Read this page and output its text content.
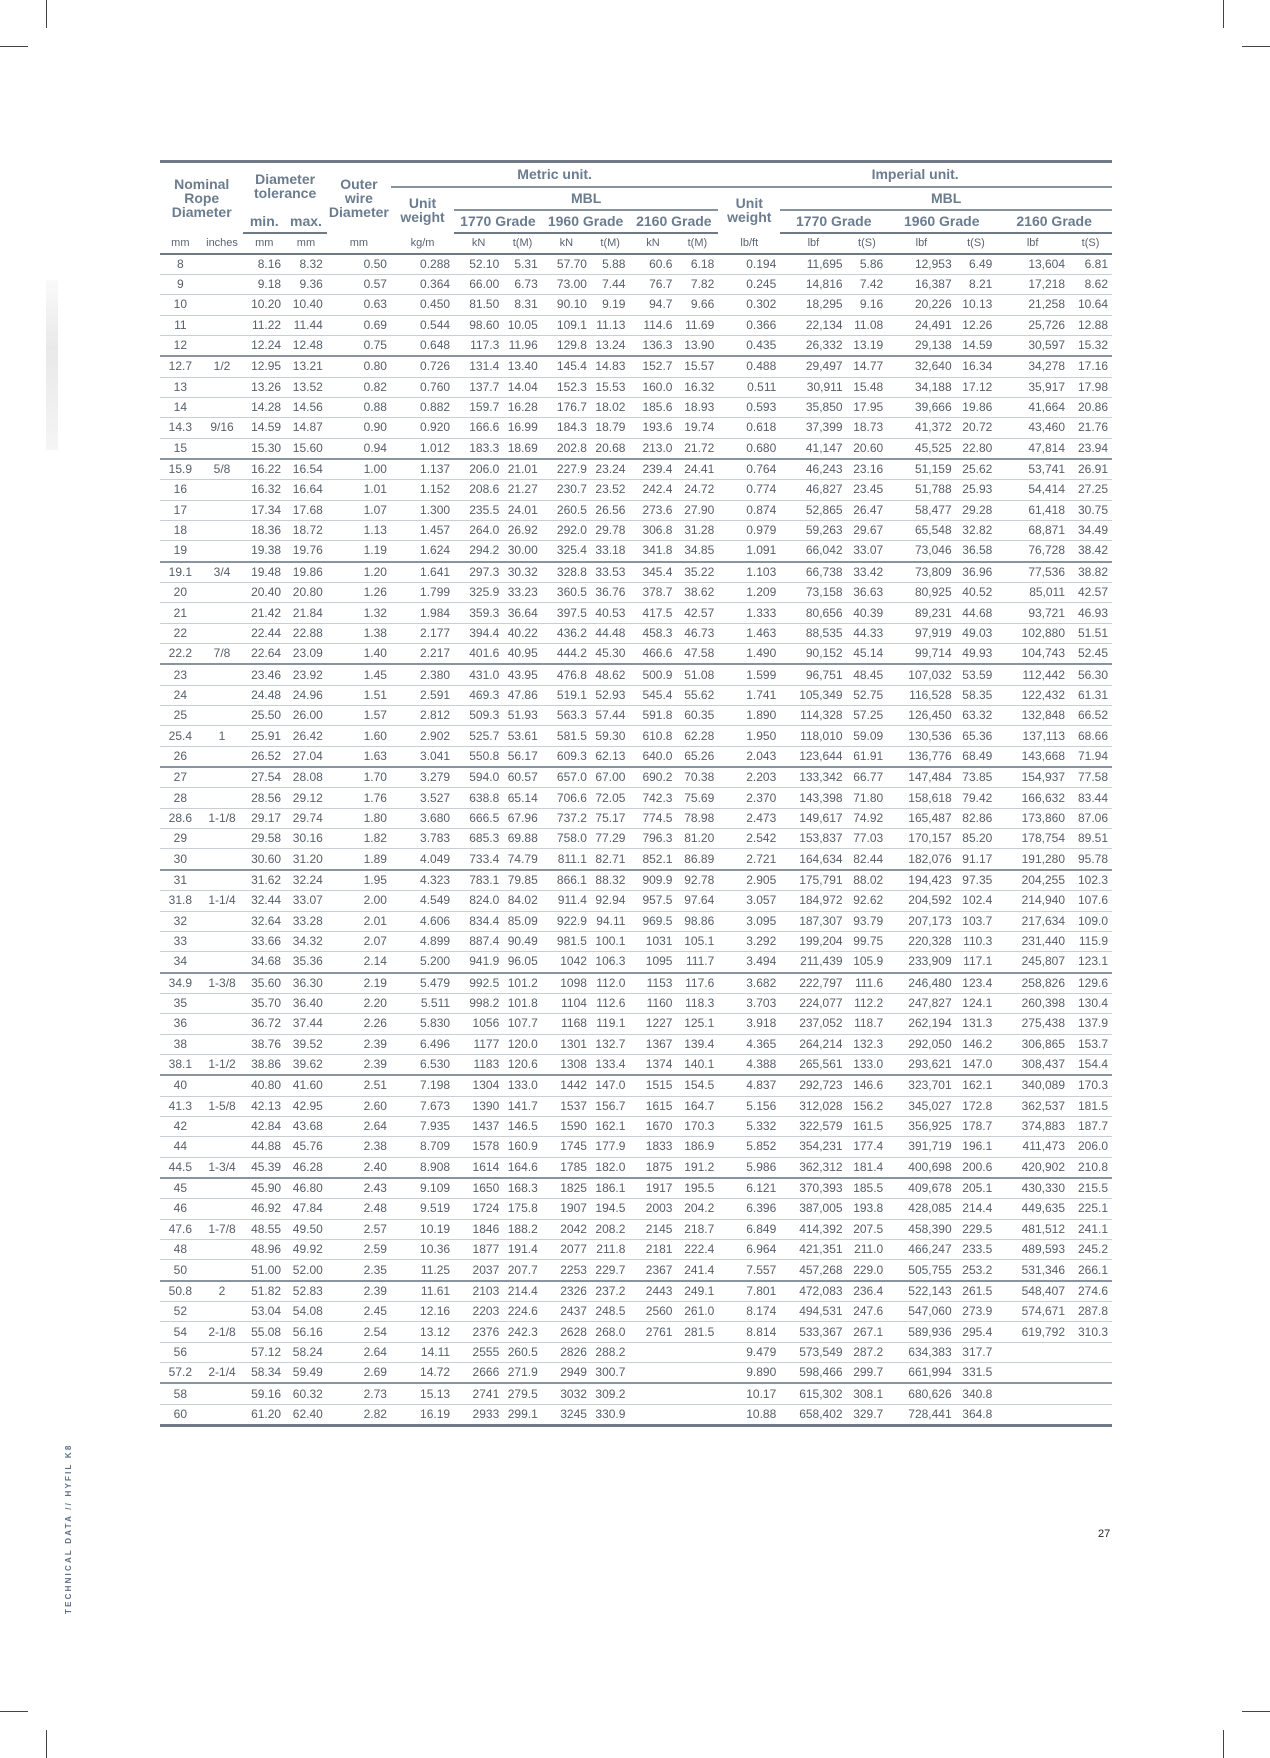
TECHNICAL DATA // HYFIL K8
Nominal Rope Diameter		Diameter tolerance		Outer wire Diameter	Metric unit.							Imperial unit.						
					Unit weight	MBL						Unit weight	MBL					
		min.	max.			1770 Grade		1960 Grade		2160 Grade			1770 Grade		1960 Grade		2160 Grade	
mm	inches	mm	mm	mm	kg/m	kN	t(M)	kN	t(M)	kN	t(M)	lb/ft	lbf	t(S)	lbf	t(S)	lbf	t(S)
8		8.16	8.32	0.50	0.288	52.10	5.31	57.70	5.88	60.6	6.18	0.194	11,695	5.86	12,953	6.49	13,604	6.81
9		9.18	9.36	0.57	0.364	66.00	6.73	73.00	7.44	76.7	7.82	0.245	14,816	7.42	16,387	8.21	17,218	8.62
10		10.20	10.40	0.63	0.450	81.50	8.31	90.10	9.19	94.7	9.66	0.302	18,295	9.16	20,226	10.13	21,258	10.64
11		11.22	11.44	0.69	0.544	98.60	10.05	109.1	11.13	114.6	11.69	0.366	22,134	11.08	24,491	12.26	25,726	12.88
12		12.24	12.48	0.75	0.648	117.3	11.96	129.8	13.24	136.3	13.90	0.435	26,332	13.19	29,138	14.59	30,597	15.32
12.7	1/2	12.95	13.21	0.80	0.726	131.4	13.40	145.4	14.83	152.7	15.57	0.488	29,497	14.77	32,640	16.34	34,278	17.16
13		13.26	13.52	0.82	0.760	137.7	14.04	152.3	15.53	160.0	16.32	0.511	30,911	15.48	34,188	17.12	35,917	17.98
14		14.28	14.56	0.88	0.882	159.7	16.28	176.7	18.02	185.6	18.93	0.593	35,850	17.95	39,666	19.86	41,664	20.86
14.3	9/16	14.59	14.87	0.90	0.920	166.6	16.99	184.3	18.79	193.6	19.74	0.618	37,399	18.73	41,372	20.72	43,460	21.76
15		15.30	15.60	0.94	1.012	183.3	18.69	202.8	20.68	213.0	21.72	0.680	41,147	20.60	45,525	22.80	47,814	23.94
15.9	5/8	16.22	16.54	1.00	1.137	206.0	21.01	227.9	23.24	239.4	24.41	0.764	46,243	23.16	51,159	25.62	53,741	26.91
16		16.32	16.64	1.01	1.152	208.6	21.27	230.7	23.52	242.4	24.72	0.774	46,827	23.45	51,788	25.93	54,414	27.25
17		17.34	17.68	1.07	1.300	235.5	24.01	260.5	26.56	273.6	27.90	0.874	52,865	26.47	58,477	29.28	61,418	30.75
18		18.36	18.72	1.13	1.457	264.0	26.92	292.0	29.78	306.8	31.28	0.979	59,263	29.67	65,548	32.82	68,871	34.49
19		19.38	19.76	1.19	1.624	294.2	30.00	325.4	33.18	341.8	34.85	1.091	66,042	33.07	73,046	36.58	76,728	38.42
19.1	3/4	19.48	19.86	1.20	1.641	297.3	30.32	328.8	33.53	345.4	35.22	1.103	66,738	33.42	73,809	36.96	77,536	38.82
20		20.40	20.80	1.26	1.799	325.9	33.23	360.5	36.76	378.7	38.62	1.209	73,158	36.63	80,925	40.52	85,011	42.57
21		21.42	21.84	1.32	1.984	359.3	36.64	397.5	40.53	417.5	42.57	1.333	80,656	40.39	89,231	44.68	93,721	46.93
22		22.44	22.88	1.38	2.177	394.4	40.22	436.2	44.48	458.3	46.73	1.463	88,535	44.33	97,919	49.03	102,880	51.51
22.2	7/8	22.64	23.09	1.40	2.217	401.6	40.95	444.2	45.30	466.6	47.58	1.490	90,152	45.14	99,714	49.93	104,743	52.45
23		23.46	23.92	1.45	2.380	431.0	43.95	476.8	48.62	500.9	51.08	1.599	96,751	48.45	107,032	53.59	112,442	56.30
24		24.48	24.96	1.51	2.591	469.3	47.86	519.1	52.93	545.4	55.62	1.741	105,349	52.75	116,528	58.35	122,432	61.31
25		25.50	26.00	1.57	2.812	509.3	51.93	563.3	57.44	591.8	60.35	1.890	114,328	57.25	126,450	63.32	132,848	66.52
25.4	1	25.91	26.42	1.60	2.902	525.7	53.61	581.5	59.30	610.8	62.28	1.950	118,010	59.09	130,536	65.36	137,113	68.66
26		26.52	27.04	1.63	3.041	550.8	56.17	609.3	62.13	640.0	65.26	2.043	123,644	61.91	136,776	68.49	143,668	71.94
27		27.54	28.08	1.70	3.279	594.0	60.57	657.0	67.00	690.2	70.38	2.203	133,342	66.77	147,484	73.85	154,937	77.58
28		28.56	29.12	1.76	3.527	638.8	65.14	706.6	72.05	742.3	75.69	2.370	143,398	71.80	158,618	79.42	166,632	83.44
28.6	1-1/8	29.17	29.74	1.80	3.680	666.5	67.96	737.2	75.17	774.5	78.98	2.473	149,617	74.92	165,487	82.86	173,860	87.06
29		29.58	30.16	1.82	3.783	685.3	69.88	758.0	77.29	796.3	81.20	2.542	153,837	77.03	170,157	85.20	178,754	89.51
30		30.60	31.20	1.89	4.049	733.4	74.79	811.1	82.71	852.1	86.89	2.721	164,634	82.44	182,076	91.17	191,280	95.78
31		31.62	32.24	1.95	4.323	783.1	79.85	866.1	88.32	909.9	92.78	2.905	175,791	88.02	194,423	97.35	204,255	102.3
31.8	1-1/4	32.44	33.07	2.00	4.549	824.0	84.02	911.4	92.94	957.5	97.64	3.057	184,972	92.62	204,592	102.4	214,940	107.6
32		32.64	33.28	2.01	4.606	834.4	85.09	922.9	94.11	969.5	98.86	3.095	187,307	93.79	207,173	103.7	217,634	109.0
33		33.66	34.32	2.07	4.899	887.4	90.49	981.5	100.1	1031	105.1	3.292	199,204	99.75	220,328	110.3	231,440	115.9
34		34.68	35.36	2.14	5.200	941.9	96.05	1042	106.3	1095	111.7	3.494	211,439	105.9	233,909	117.1	245,807	123.1
34.9	1-3/8	35.60	36.30	2.19	5.479	992.5	101.2	1098	112.0	1153	117.6	3.682	222,797	111.6	246,480	123.4	258,826	129.6
35		35.70	36.40	2.20	5.511	998.2	101.8	1104	112.6	1160	118.3	3.703	224,077	112.2	247,827	124.1	260,398	130.4
36		36.72	37.44	2.26	5.830	1056	107.7	1168	119.1	1227	125.1	3.918	237,052	118.7	262,194	131.3	275,438	137.9
38		38.76	39.52	2.39	6.496	1177	120.0	1301	132.7	1367	139.4	4.365	264,214	132.3	292,050	146.2	306,865	153.7
38.1	1-1/2	38.86	39.62	2.39	6.530	1183	120.6	1308	133.4	1374	140.1	4.388	265,561	133.0	293,621	147.0	308,437	154.4
40		40.80	41.60	2.51	7.198	1304	133.0	1442	147.0	1515	154.5	4.837	292,723	146.6	323,701	162.1	340,089	170.3
41.3	1-5/8	42.13	42.95	2.60	7.673	1390	141.7	1537	156.7	1615	164.7	5.156	312,028	156.2	345,027	172.8	362,537	181.5
42		42.84	43.68	2.64	7.935	1437	146.5	1590	162.1	1670	170.3	5.332	322,579	161.5	356,925	178.7	374,883	187.7
44		44.88	45.76	2.38	8.709	1578	160.9	1745	177.9	1833	186.9	5.852	354,231	177.4	391,719	196.1	411,473	206.0
44.5	1-3/4	45.39	46.28	2.40	8.908	1614	164.6	1785	182.0	1875	191.2	5.986	362,312	181.4	400,698	200.6	420,902	210.8
45		45.90	46.80	2.43	9.109	1650	168.3	1825	186.1	1917	195.5	6.121	370,393	185.5	409,678	205.1	430,330	215.5
46		46.92	47.84	2.48	9.519	1724	175.8	1907	194.5	2003	204.2	6.396	387,005	193.8	428,085	214.4	449,635	225.1
47.6	1-7/8	48.55	49.50	2.57	10.19	1846	188.2	2042	208.2	2145	218.7	6.849	414,392	207.5	458,390	229.5	481,512	241.1
48		48.96	49.92	2.59	10.36	1877	191.4	2077	211.8	2181	222.4	6.964	421,351	211.0	466,247	233.5	489,593	245.2
50		51.00	52.00	2.35	11.25	2037	207.7	2253	229.7	2367	241.4	7.557	457,268	229.0	505,755	253.2	531,346	266.1
50.8	2	51.82	52.83	2.39	11.61	2103	214.4	2326	237.2	2443	249.1	7.801	472,083	236.4	522,143	261.5	548,407	274.6
52		53.04	54.08	2.45	12.16	2203	224.6	2437	248.5	2560	261.0	8.174	494,531	247.6	547,060	273.9	574,671	287.8
54	2-1/8	55.08	56.16	2.54	13.12	2376	242.3	2628	268.0	2761	281.5	8.814	533,367	267.1	589,936	295.4	619,792	310.3
56		57.12	58.24	2.64	14.11	2555	260.5	2826	288.2			9.479	573,549	287.2	634,383	317.7		
57.2	2-1/4	58.34	59.49	2.69	14.72	2666	271.9	2949	300.7			9.890	598,466	299.7	661,994	331.5		
58		59.16	60.32	2.73	15.13	2741	279.5	3032	309.2			10.17	615,302	308.1	680,626	340.8		
60		61.20	62.40	2.82	16.19	2933	299.1	3245	330.9			10.88	658,402	329.7	728,441	364.8		
27
